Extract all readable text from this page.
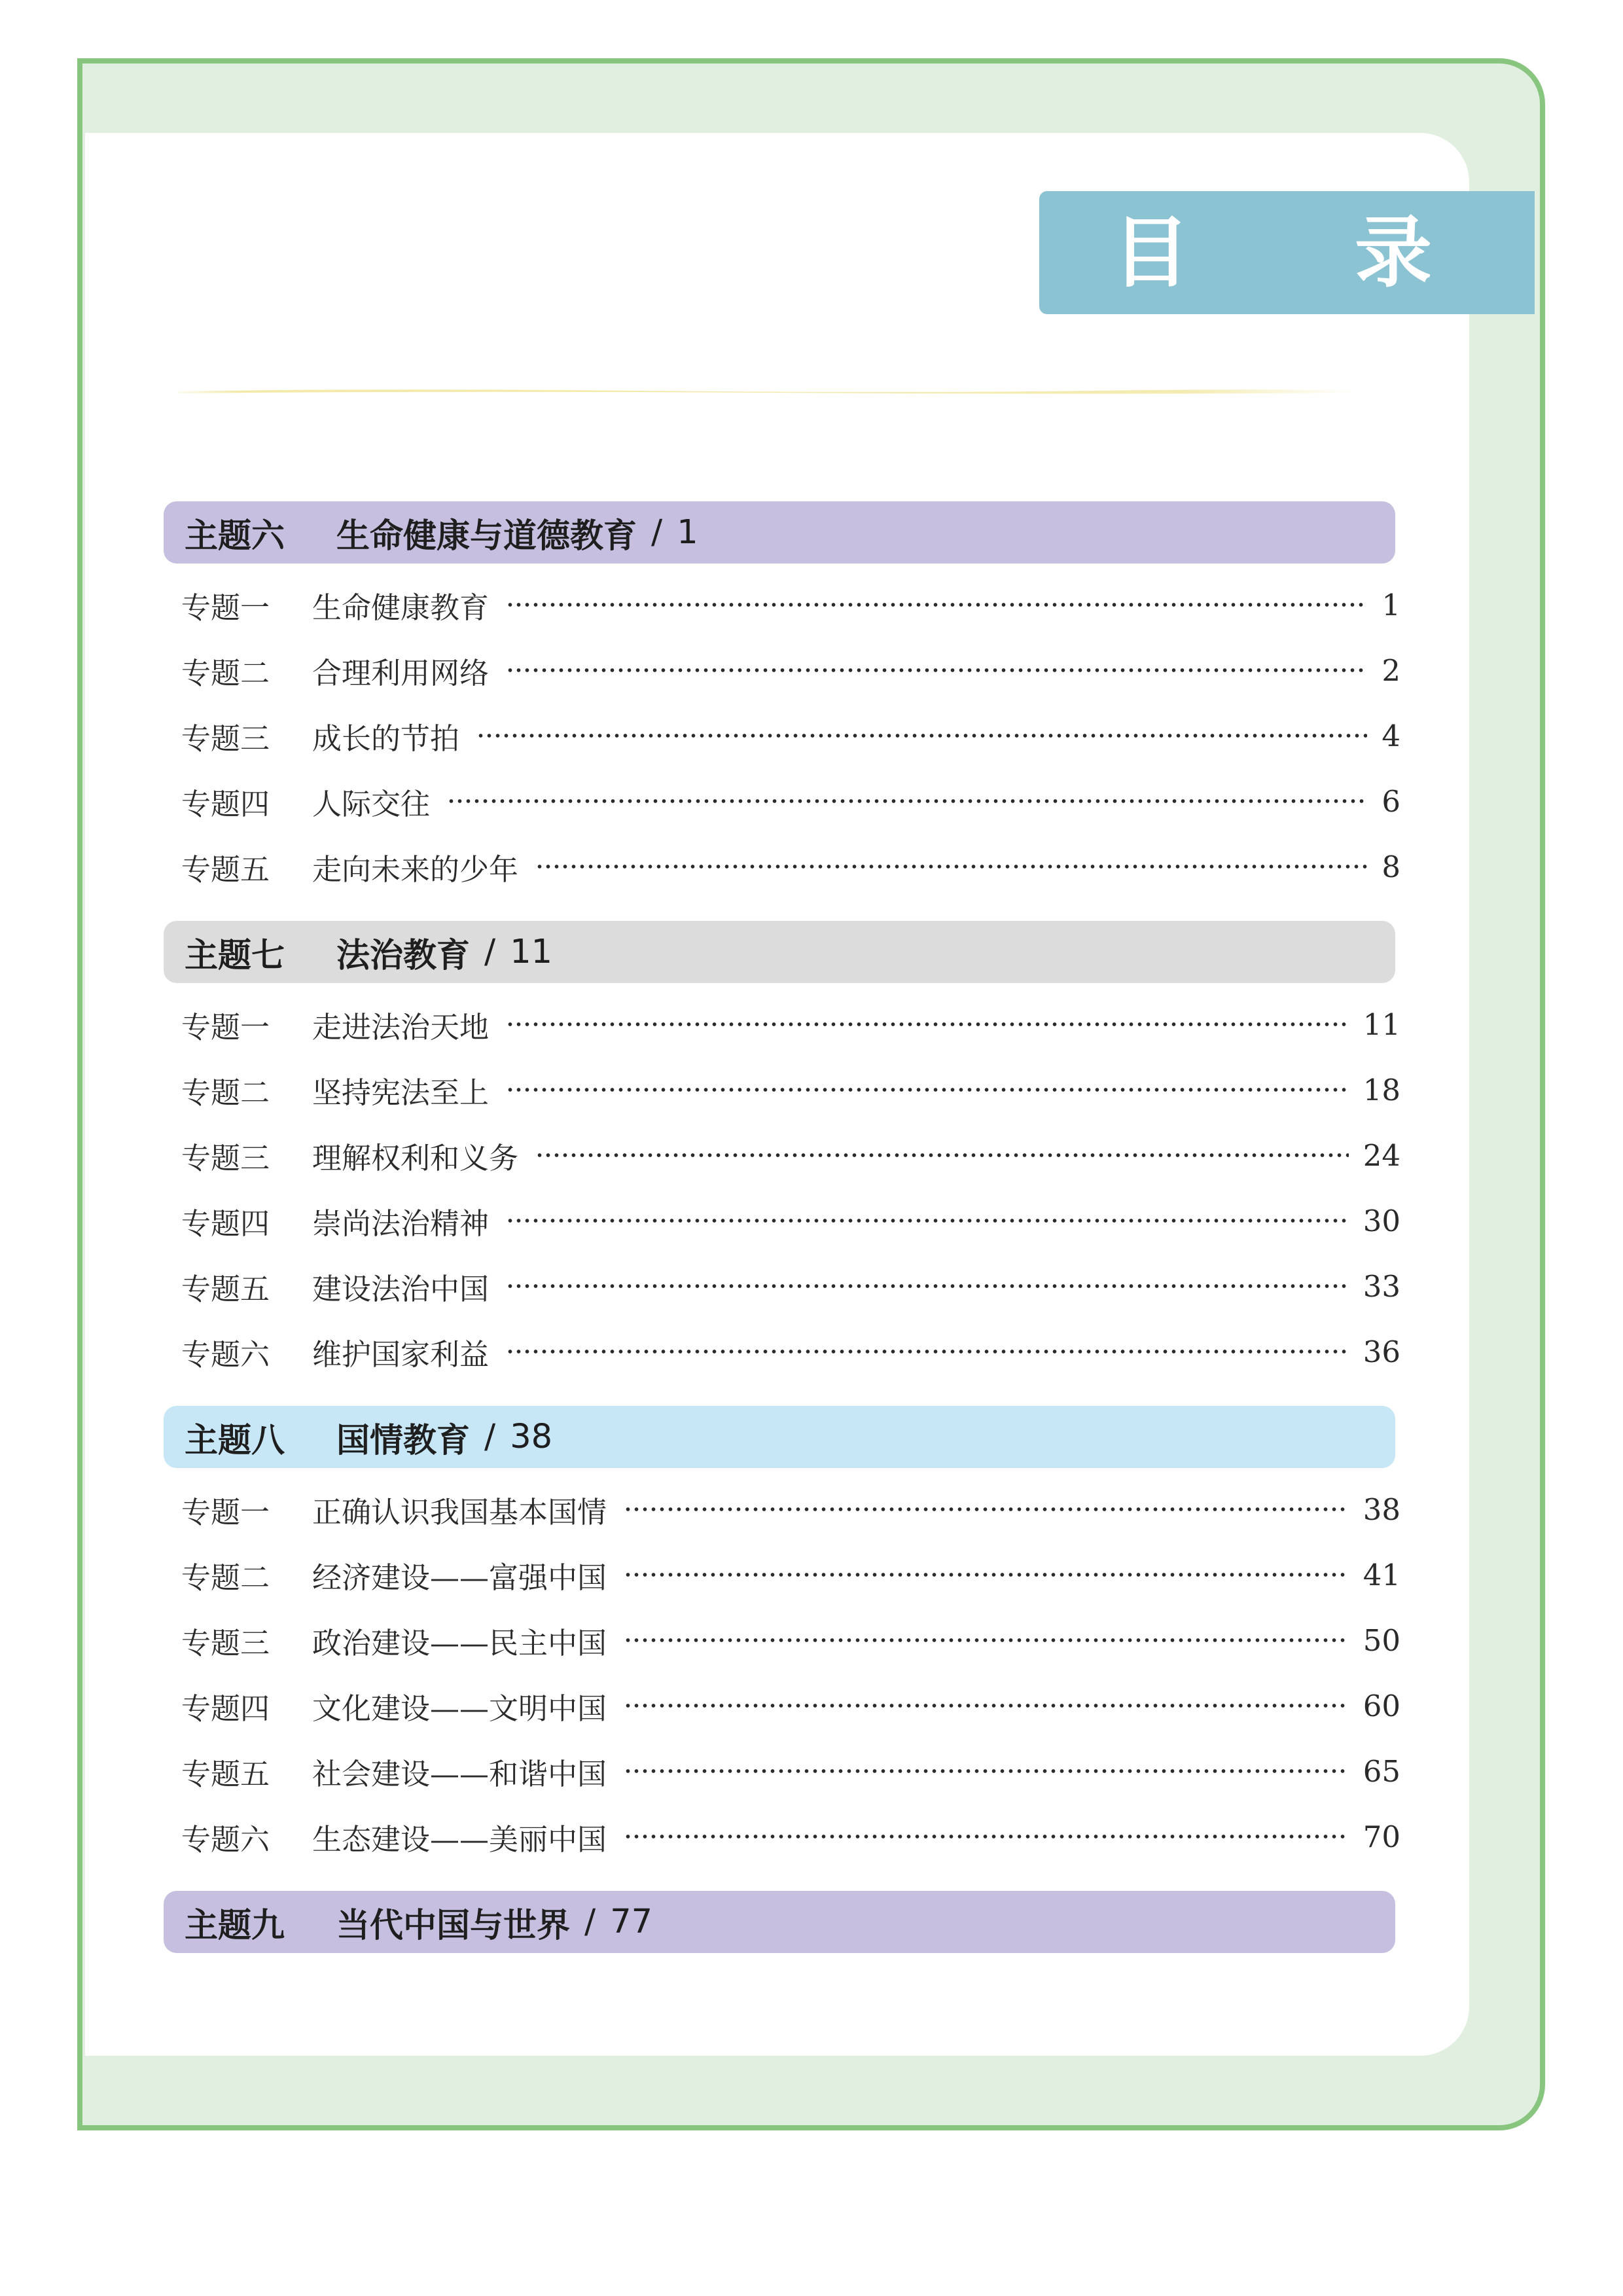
目 录
主题六	生命健康与道德教育 / 1
专题一	生命健康教育	1
专题二	合理利用网络	2
专题三	成长的节拍	4
专题四	人际交往	6
专题五	走向未来的少年	8
主题七	法治教育 / 11
专题一	走进法治天地	11
专题二	坚持宪法至上	18
专题三	理解权利和义务	24
专题四	崇尚法治精神	30
专题五	建设法治中国	33
专题六	维护国家利益	36
主题八	国情教育 / 38
专题一	正确认识我国基本国情	38
专题二	经济建设——富强中国	41
专题三	政治建设——民主中国	50
专题四	文化建设——文明中国	60
专题五	社会建设——和谐中国	65
专题六	生态建设——美丽中国	70
主题九	当代中国与世界 / 77
